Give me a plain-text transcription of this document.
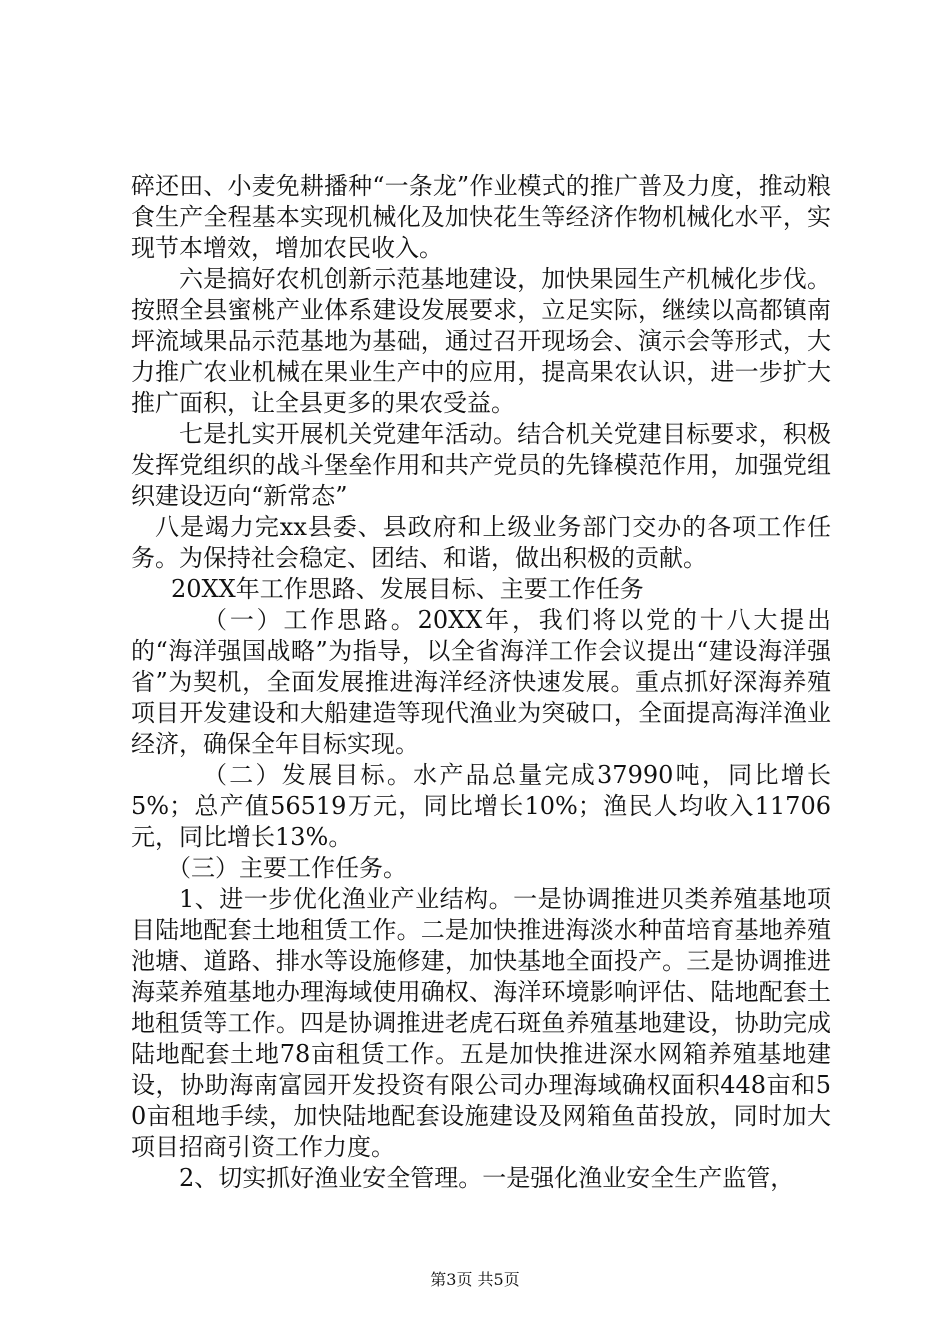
碎还田、小麦免耕播种“一条龙”作业模式的推广普及力度，推动粮食生产全程基本实现机械化及加快花生等经济作物机械化水平，实现节本增效，增加农民收入。

六是搞好农机创新示范基地建设，加快果园生产机械化步伐。按照全县蜜桃产业体系建设发展要求，立足实际，继续以高都镇南坪流域果品示范基地为基础，通过召开现场会、演示会等形式，大力推广农业机械在果业生产中的应用，提高果农认识，进一步扩大推广面积，让全县更多的果农受益。

七是扎实开展机关党建年活动。结合机关党建目标要求，积极发挥党组织的战斗堡垒作用和共产党员的先锋模范作用，加强党组织建设迈向“新常态”

八是竭力完xx县委、县政府和上级业务部门交办的各项工作任务。为保持社会稳定、团结、和谐，做出积极的贡献。

20XX年工作思路、发展目标、主要工作任务

（一）工作思路。20XX年，我们将以党的十八大提出的“海洋强国战略”为指导，以全省海洋工作会议提出“建设海洋强省”为契机，全面发展推进海洋经济快速发展。重点抓好深海养殖项目开发建设和大船建造等现代渔业为突破口，全面提高海洋渔业经济，确保全年目标实现。

（二）发展目标。水产品总量完成37990吨，同比增长5%；总产值56519万元，同比增长10%；渔民人均收入11706元，同比增长13%。

（三）主要工作任务。

1、进一步优化渔业产业结构。一是协调推进贝类养殖基地项目陆地配套土地租赁工作。二是加快推进海淡水种苗培育基地养殖池塘、道路、排水等设施修建，加快基地全面投产。三是协调推进海菜养殖基地办理海域使用确权、海洋环境影响评估、陆地配套土地租赁等工作。四是协调推进老虎石斑鱼养殖基地建设，协助完成陆地配套土地78亩租赁工作。五是加快推进深水网箱养殖基地建设，协助海南富园开发投资有限公司办理海域确权面积448亩和50亩租地手续，加快陆地配套设施建设及网箱鱼苗投放，同时加大项目招商引资工作力度。

2、切实抓好渔业安全管理。一是强化渔业安全生产监管，

第3页 共5页
